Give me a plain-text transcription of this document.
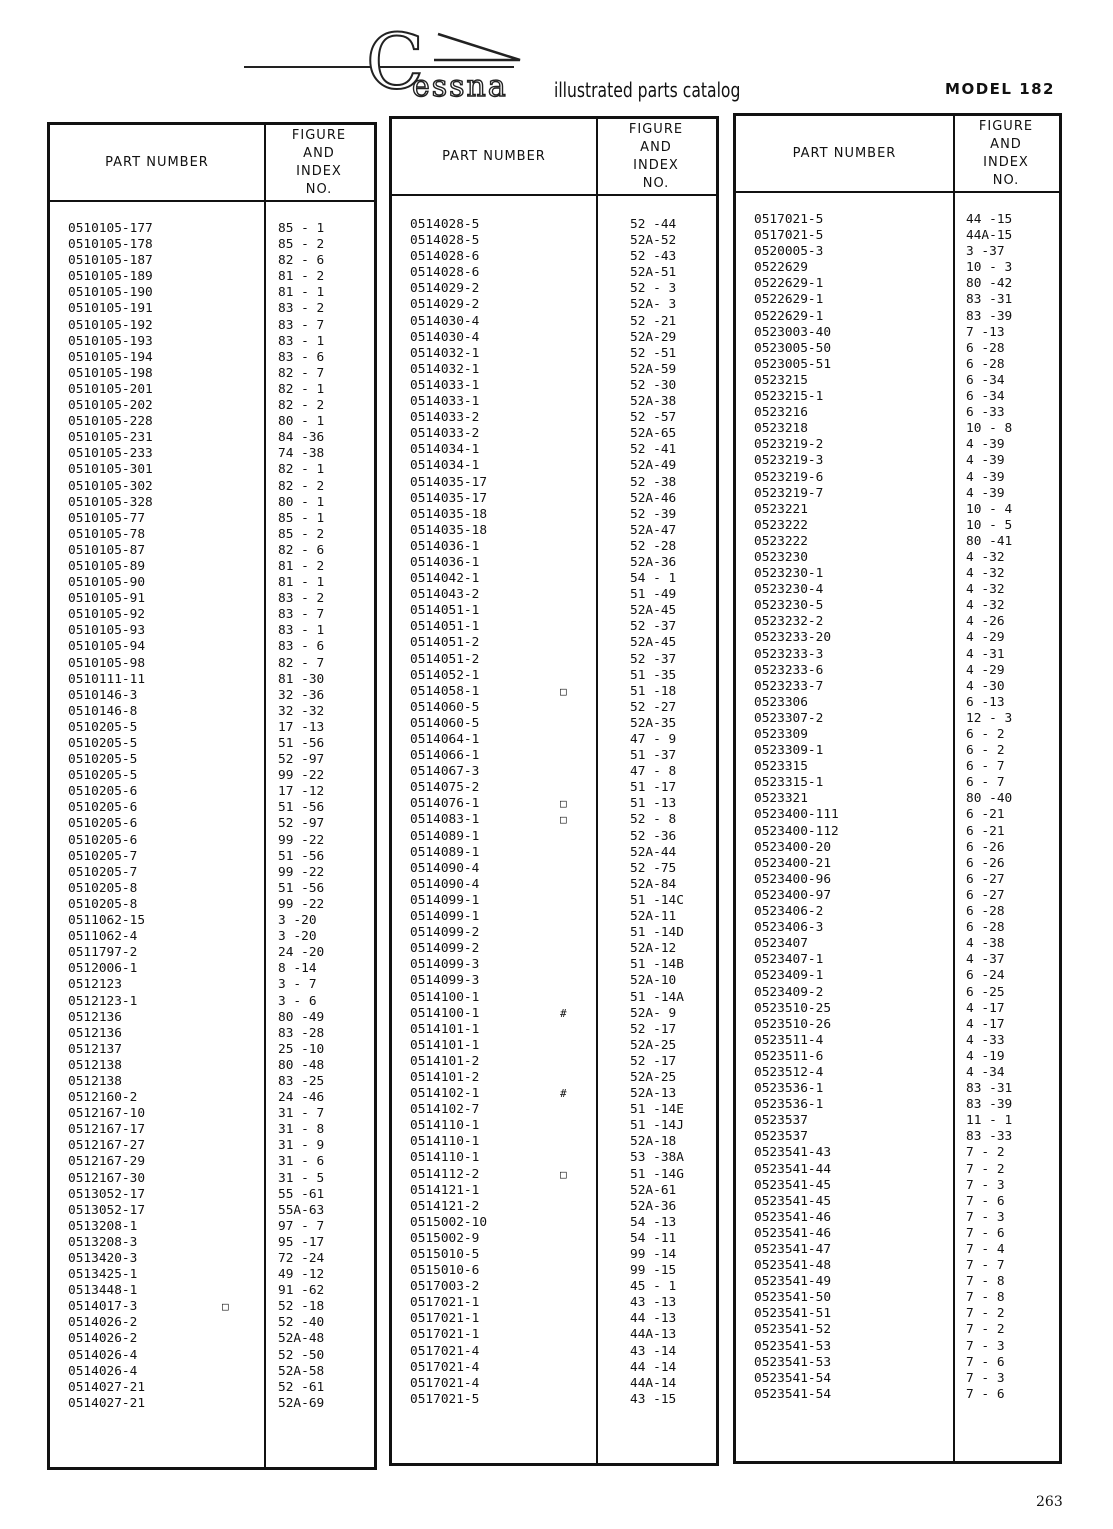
C
essna illustrated parts catalog	MODEL 182
PART NUMBER
FIGURE
AND
INDEX
NO.
0510105-177	85 - 1
0510105-178	85 - 2
0510105-187	82 - 6
0510105-189	81 - 2
0510105-190	81 - 1
0510105-191	83 - 2
0510105-192	83 - 7
0510105-193	83 - 1
0510105-194	83 - 6
0510105-198	82 - 7
0510105-201	82 - 1
0510105-202	82 - 2
0510105-228	80 - 1
0510105-231	84 -36
0510105-233	74 -38
0510105-301	82 - 1
0510105-302	82 - 2
0510105-328	80 - 1
0510105-77	85 - 1
0510105-78	85 - 2
0510105-87	82 - 6
0510105-89	81 - 2
0510105-90	81 - 1
0510105-91	83 - 2
0510105-92	83 - 7
0510105-93	83 - 1
0510105-94	83 - 6
0510105-98	82 - 7
0510111-11	81 -30
0510146-3	32 -36
0510146-8	32 -32
0510205-5	17 -13
0510205-5	51 -56
0510205-5	52 -97
0510205-5	99 -22
0510205-6	17 -12
0510205-6	51 -56
0510205-6	52 -97
0510205-6	99 -22
0510205-7	51 -56
0510205-7	99 -22
0510205-8	51 -56
0510205-8	99 -22
0511062-15	3 -20
0511062-4	3 -20
0511797-2	24 -20
0512006-1	8 -14
0512123	3 - 7
0512123-1	3 - 6
0512136	80 -49
0512136	83 -28
0512137	25 -10
0512138	80 -48
0512138	83 -25
0512160-2	24 -46
0512167-10	31 - 7
0512167-17	31 - 8
0512167-27	31 - 9
0512167-29	31 - 6
0512167-30	31 - 5
0513052-17	55 -61
0513052-17	55A-63
0513208-1	97 - 7
0513208-3	95 -17
0513420-3	72 -24
0513425-1	49 -12
0513448-1	91 -62
0514017-3	□	52 -18
0514026-2	52 -40
0514026-2	52A-48
0514026-4	52 -50
0514026-4	52A-58
0514027-21	52 -61
0514027-21	52A-69
PART NUMBER
FIGURE
AND
INDEX
NO.
0514028-5	52 -44
0514028-5	52A-52
0514028-6	52 -43
0514028-6	52A-51
0514029-2	52 - 3
0514029-2	52A- 3
0514030-4	52 -21
0514030-4	52A-29
0514032-1	52 -51
0514032-1	52A-59
0514033-1	52 -30
0514033-1	52A-38
0514033-2	52 -57
0514033-2	52A-65
0514034-1	52 -41
0514034-1	52A-49
0514035-17	52 -38
0514035-17	52A-46
0514035-18	52 -39
0514035-18	52A-47
0514036-1	52 -28
0514036-1	52A-36
0514042-1	54 - 1
0514043-2	51 -49
0514051-1	52A-45
0514051-1	52 -37
0514051-2	52A-45
0514051-2	52 -37
0514052-1	51 -35
0514058-1	□	51 -18
0514060-5	52 -27
0514060-5	52A-35
0514064-1	47 - 9
0514066-1	51 -37
0514067-3	47 - 8
0514075-2	51 -17
0514076-1	□	51 -13
0514083-1	□	52 - 8
0514089-1	52 -36
0514089-1	52A-44
0514090-4	52 -75
0514090-4	52A-84
0514099-1	51 -14C
0514099-1	52A-11
0514099-2	51 -14D
0514099-2	52A-12
0514099-3	51 -14B
0514099-3	52A-10
0514100-1	51 -14A
0514100-1	#	52A- 9
0514101-1	52 -17
0514101-1	52A-25
0514101-2	52 -17
0514101-2	52A-25
0514102-1	#	52A-13
0514102-7	51 -14E
0514110-1	51 -14J
0514110-1	52A-18
0514110-1	53 -38A
0514112-2	□	51 -14G
0514121-1	52A-61
0514121-2	52A-36
0515002-10	54 -13
0515002-9	54 -11
0515010-5	99 -14
0515010-6	99 -15
0517003-2	45 - 1
0517021-1	43 -13
0517021-1	44 -13
0517021-1	44A-13
0517021-4	43 -14
0517021-4	44 -14
0517021-4	44A-14
0517021-5	43 -15
PART NUMBER
FIGURE
AND
INDEX
NO.
0517021-5	44 -15
0517021-5	44A-15
0520005-3	3 -37
0522629	10 - 3
0522629-1	80 -42
0522629-1	83 -31
0522629-1	83 -39
0523003-40	7 -13
0523005-50	6 -28
0523005-51	6 -28
0523215	6 -34
0523215-1	6 -34
0523216	6 -33
0523218	10 - 8
0523219-2	4 -39
0523219-3	4 -39
0523219-6	4 -39
0523219-7	4 -39
0523221	10 - 4
0523222	10 - 5
0523222	80 -41
0523230	4 -32
0523230-1	4 -32
0523230-4	4 -32
0523230-5	4 -32
0523232-2	4 -26
0523233-20	4 -29
0523233-3	4 -31
0523233-6	4 -29
0523233-7	4 -30
0523306	6 -13
0523307-2	12 - 3
0523309	6 - 2
0523309-1	6 - 2
0523315	6 - 7
0523315-1	6 - 7
0523321	80 -40
0523400-111	6 -21
0523400-112	6 -21
0523400-20	6 -26
0523400-21	6 -26
0523400-96	6 -27
0523400-97	6 -27
0523406-2	6 -28
0523406-3	6 -28
0523407	4 -38
0523407-1	4 -37
0523409-1	6 -24
0523409-2	6 -25
0523510-25	4 -17
0523510-26	4 -17
0523511-4	4 -33
0523511-6	4 -19
0523512-4	4 -34
0523536-1	83 -31
0523536-1	83 -39
0523537	11 - 1
0523537	83 -33
0523541-43	7 - 2
0523541-44	7 - 2
0523541-45	7 - 3
0523541-45	7 - 6
0523541-46	7 - 3
0523541-46	7 - 6
0523541-47	7 - 4
0523541-48	7 - 7
0523541-49	7 - 8
0523541-50	7 - 8
0523541-51	7 - 2
0523541-52	7 - 2
0523541-53	7 - 3
0523541-53	7 - 6
0523541-54	7 - 3
0523541-54	7 - 6
263
